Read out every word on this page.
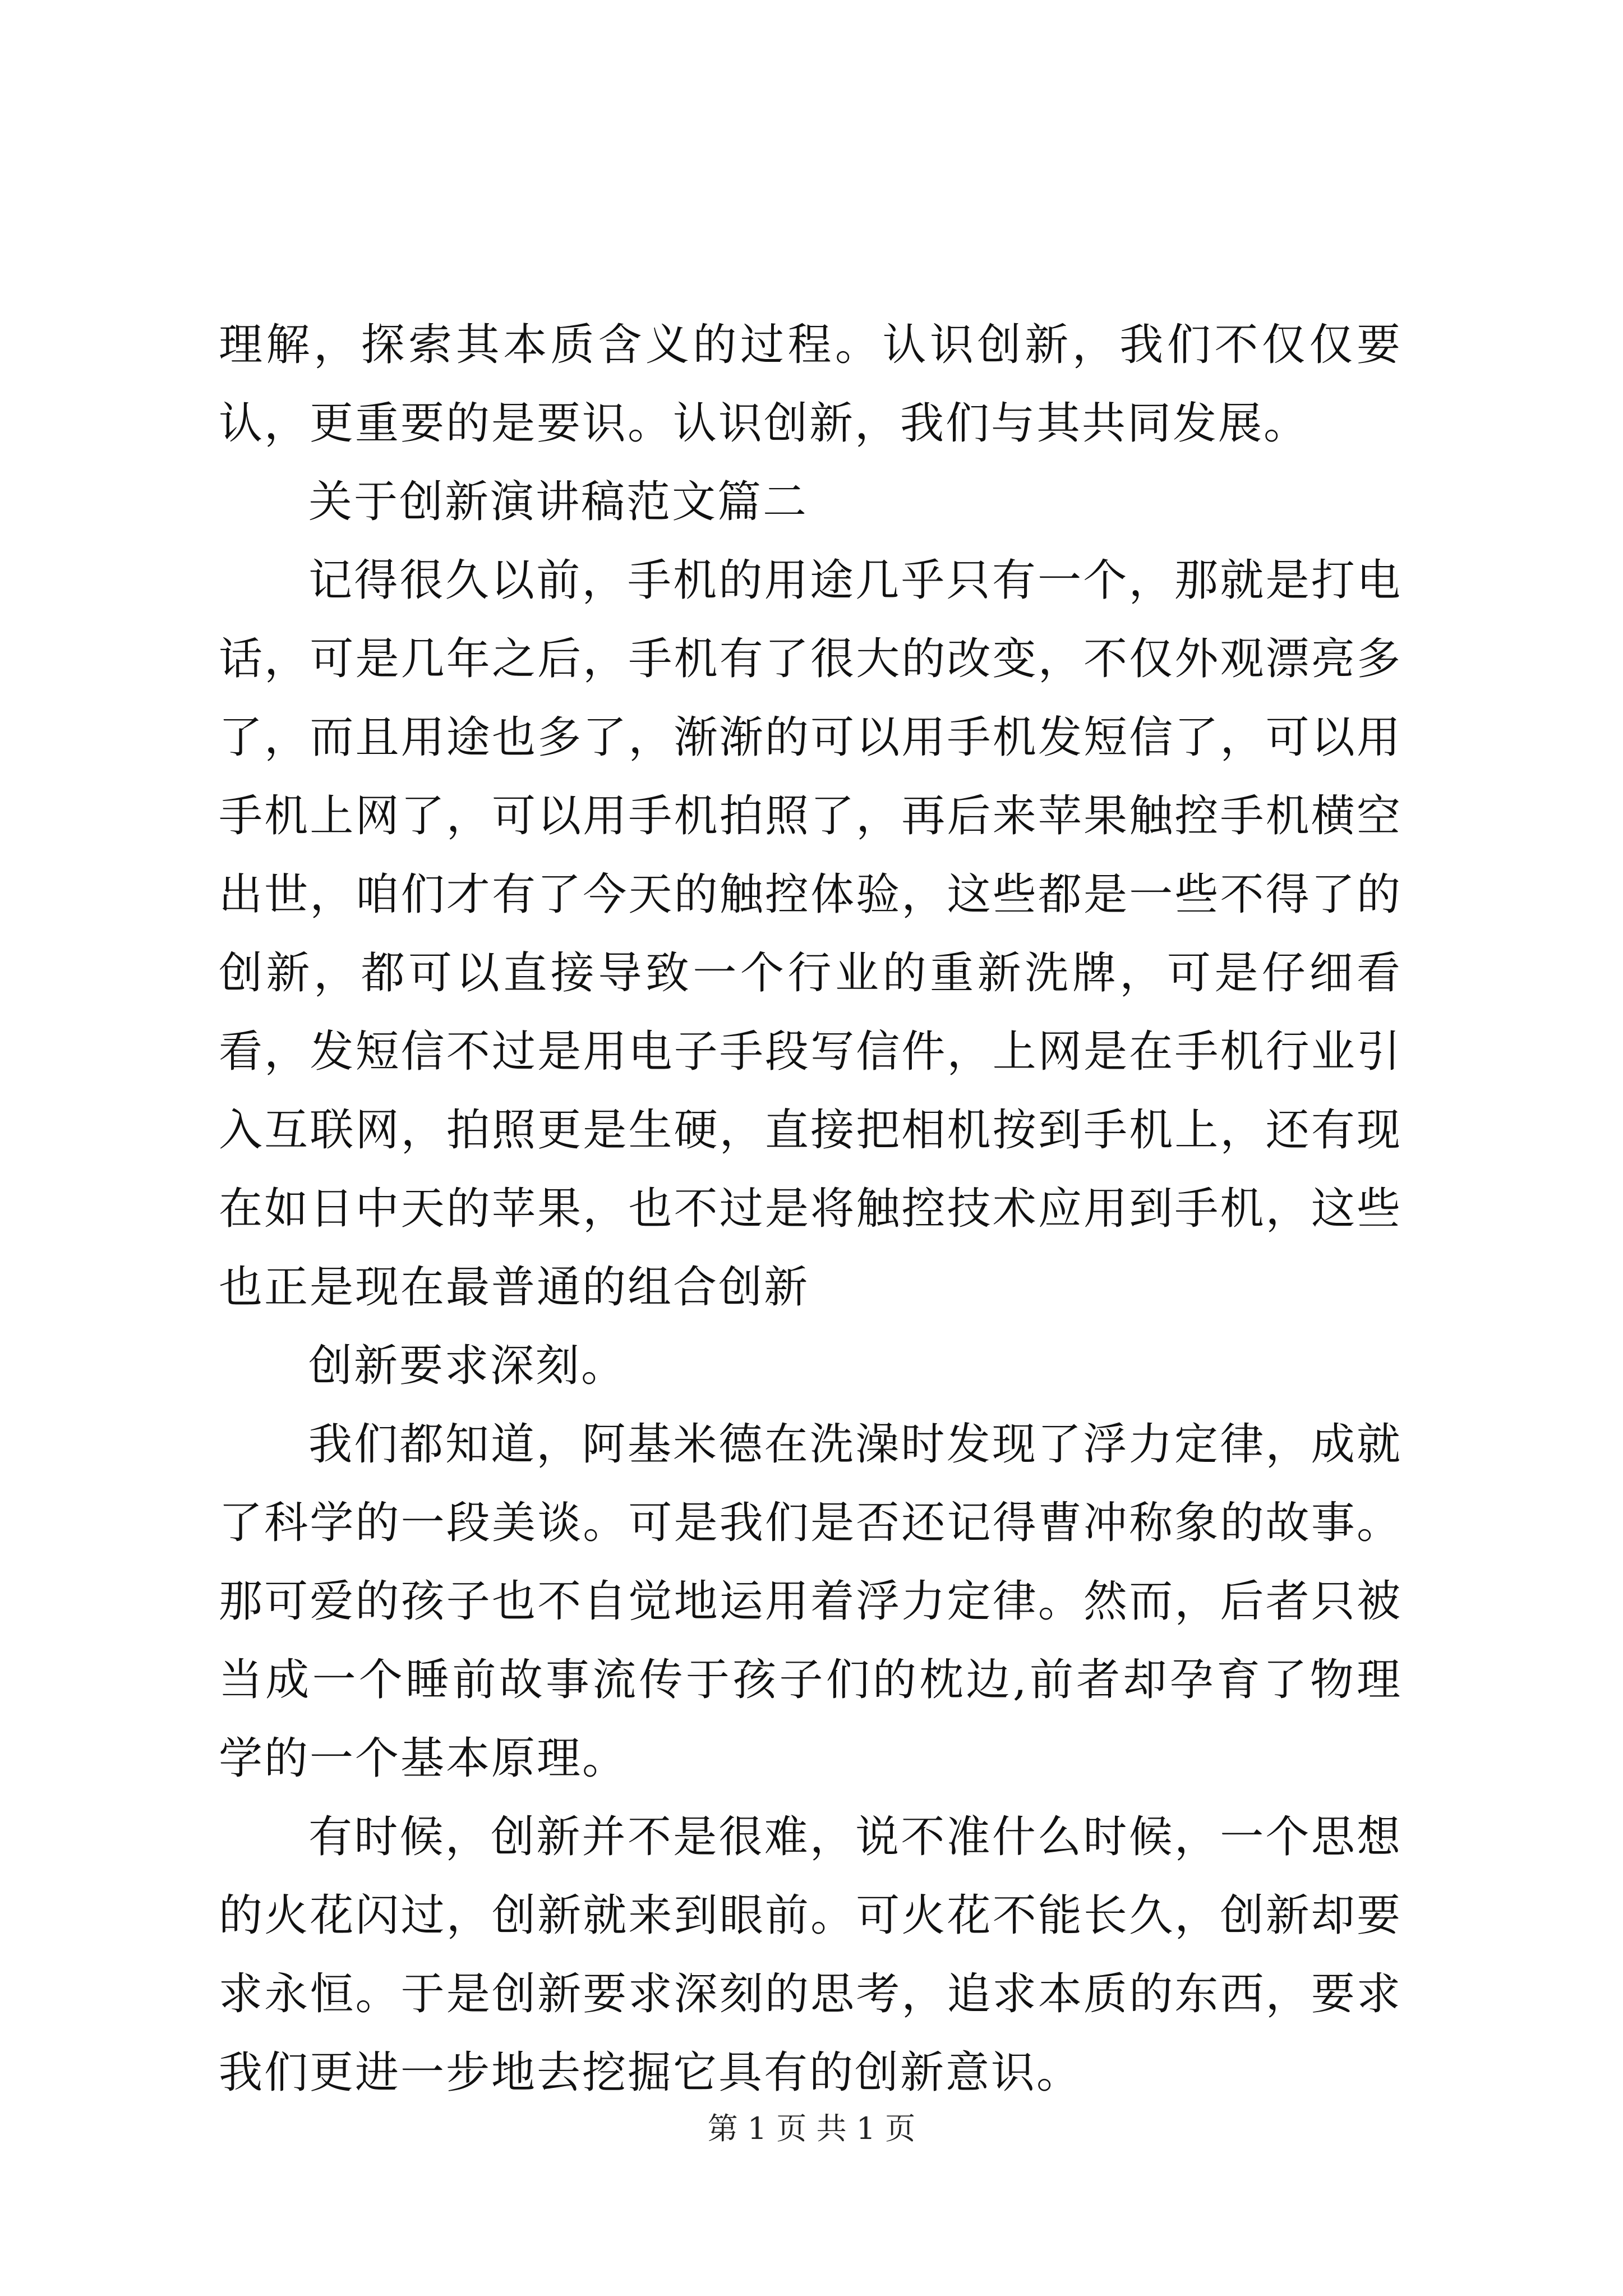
理解，探索其本质含义的过程。认识创新，我们不仅仅要认，更重要的是要识。认识创新，我们与其共同发展。

关于创新演讲稿范文篇二

记得很久以前，手机的用途几乎只有一个，那就是打电话，可是几年之后，手机有了很大的改变，不仅外观漂亮多了，而且用途也多了，渐渐的可以用手机发短信了，可以用手机上网了，可以用手机拍照了，再后来苹果触控手机横空出世，咱们才有了今天的触控体验，这些都是一些不得了的创新，都可以直接导致一个行业的重新洗牌，可是仔细看看，发短信不过是用电子手段写信件，上网是在手机行业引入互联网，拍照更是生硬，直接把相机按到手机上，还有现在如日中天的苹果，也不过是将触控技术应用到手机，这些也正是现在最普通的组合创新

创新要求深刻。

我们都知道，阿基米德在洗澡时发现了浮力定律，成就了科学的一段美谈。可是我们是否还记得曹冲称象的故事。那可爱的孩子也不自觉地运用着浮力定律。然而，后者只被当成一个睡前故事流传于孩子们的枕边,前者却孕育了物理学的一个基本原理。

有时候，创新并不是很难，说不准什么时候，一个思想的火花闪过，创新就来到眼前。可火花不能长久，创新却要求永恒。于是创新要求深刻的思考，追求本质的东西，要求我们更进一步地去挖掘它具有的创新意识。

第 1 页 共 1 页
